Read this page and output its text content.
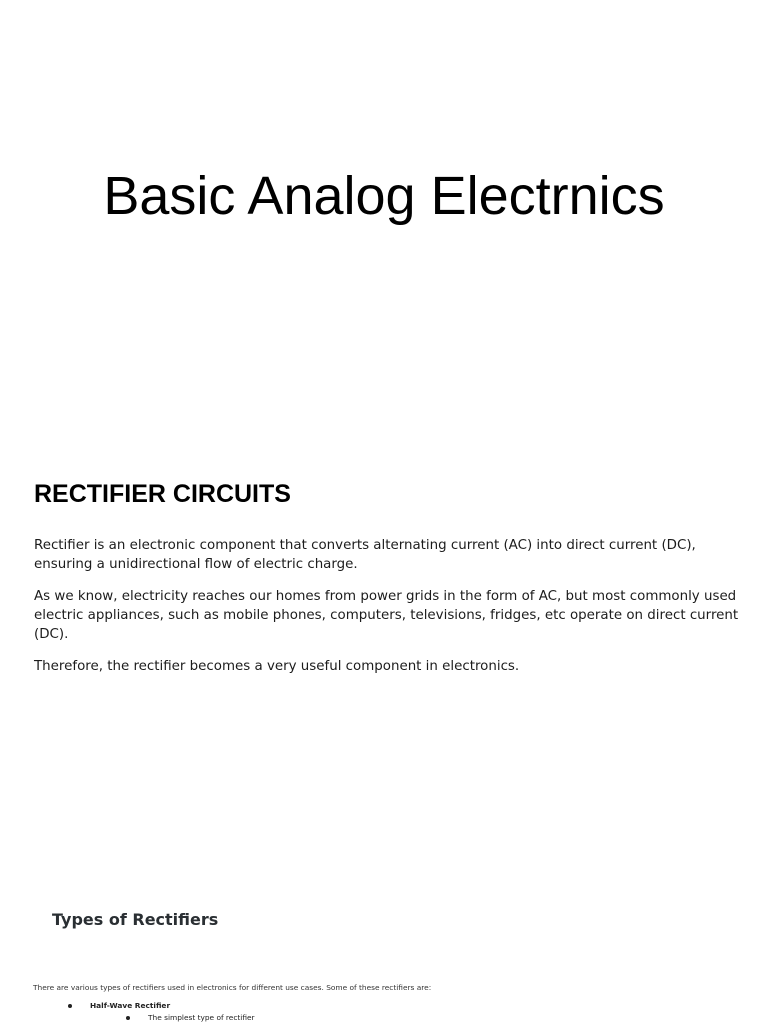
Basic Analog Electrnics
RECTIFIER CIRCUITS

Rectifier is an electronic component that converts alternating current (AC) into direct current (DC), ensuring a unidirectional flow of electric charge.

As we know, electricity reaches our homes from power grids in the form of AC, but most commonly used electric appliances, such as mobile phones, computers, televisions, fridges, etc operate on direct current (DC).

Therefore, the rectifier becomes a very useful component in electronics.

Types of Rectifiers

There are various types of rectifiers used in electronics for different use cases. Some of these rectifiers are:

Half-Wave Rectifier
The simplest type of rectifier
